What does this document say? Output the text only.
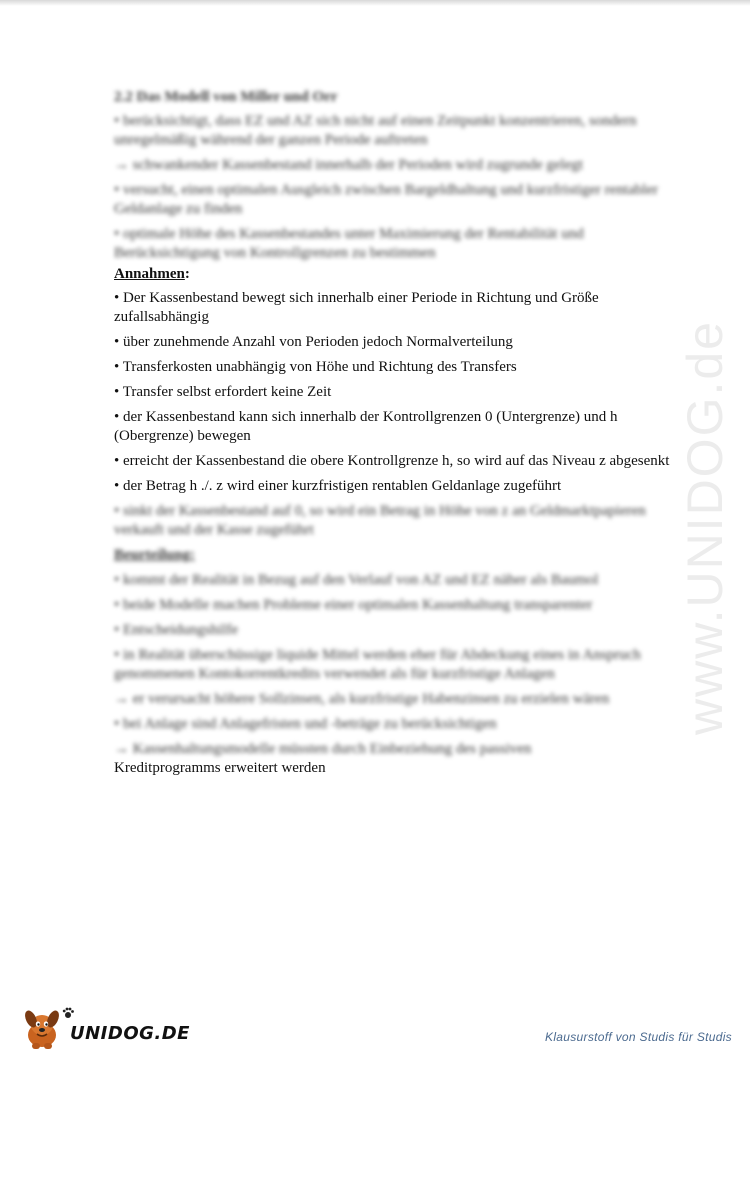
www.UNIDOG.de
2.2 Das Modell von Miller und Orr
• berücksichtigt, dass EZ und AZ sich nicht auf einen Zeitpunkt konzentrieren, sondern unregelmäßig während der ganzen Periode auftreten
→ schwankender Kassenbestand innerhalb der Perioden wird zugrunde gelegt
• versucht, einen optimalen Ausgleich zwischen Bargeldhaltung und kurzfristiger rentabler Geldanlage zu finden
• optimale Höhe des Kassenbestandes unter Maximierung der Rentabilität und Berücksichtigung von Kontrollgrenzen zu bestimmen
Annahmen:
• Der Kassenbestand bewegt sich innerhalb einer Periode in Richtung und Größe zufallsabhängig
• über zunehmende Anzahl von Perioden jedoch Normalverteilung
• Transferkosten unabhängig von Höhe und Richtung des Transfers
• Transfer selbst erfordert keine Zeit
• der Kassenbestand kann sich innerhalb der Kontrollgrenzen 0 (Untergrenze) und h (Obergrenze) bewegen
• erreicht der Kassenbestand die obere Kontrollgrenze h, so wird auf das Niveau z abgesenkt
• der Betrag h ./. z wird einer kurzfristigen rentablen Geldanlage zugeführt
• sinkt der Kassenbestand auf 0, so wird ein Betrag in Höhe von z an Geldmarktpapieren verkauft und der Kasse zugeführt
Beurteilung:
• kommt der Realität in Bezug auf den Verlauf von AZ und EZ näher als Baumol
• beide Modelle machen Probleme einer optimalen Kassenhaltung transparenter
• Entscheidungshilfe
• in Realität überschüssige liquide Mittel werden eher für Abdeckung eines in Anspruch genommenen Kontokorrentkredits verwendet als für kurzfristige Anlagen
→ er verursacht höhere Sollzinsen, als kurzfristige Habenzinsen zu erzielen wären
• bei Anlage sind Anlagefristen und -beträge zu berücksichtigen
→ Kassenhaltungsmodelle müssten durch Einbeziehung des passiven
Kreditprogramms erweitert werden
UNIDOG.DE	Klausurstoff von Studis für Studis
